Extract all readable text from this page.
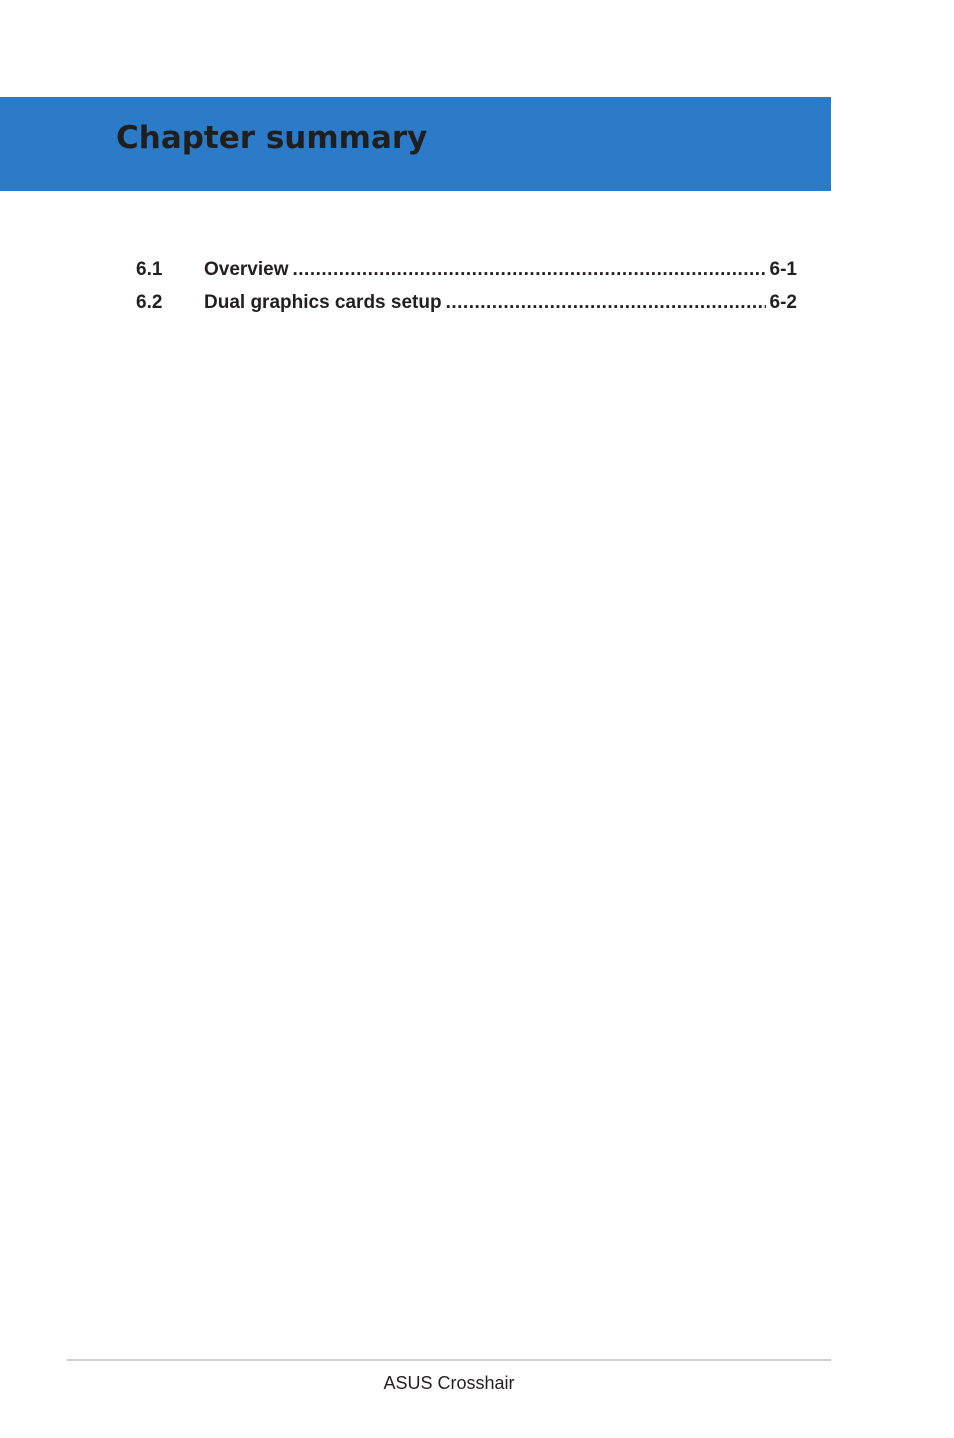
Chapter summary
6.1	Overview .....	6-1
6.2	Dual graphics cards setup .....	6-2
ASUS Crosshair
